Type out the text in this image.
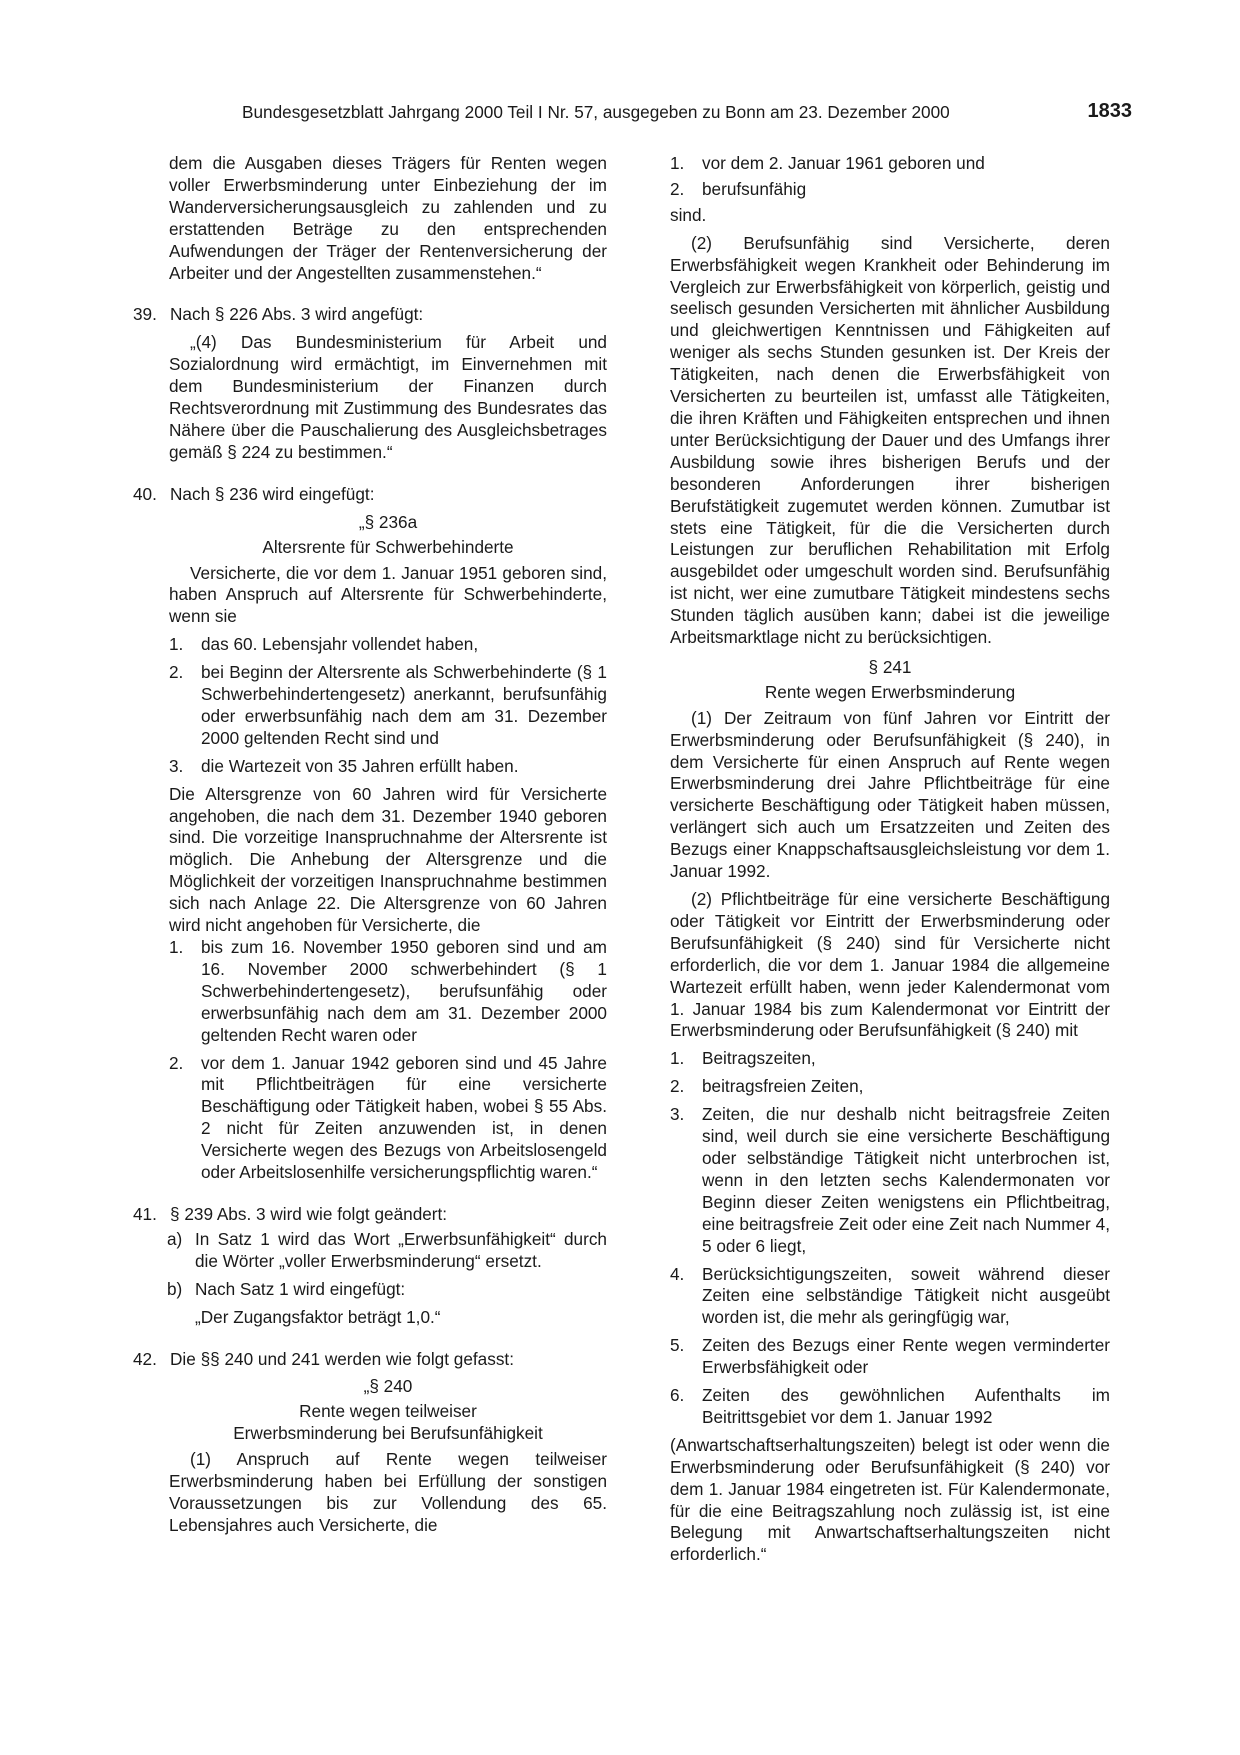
Bundesgesetzblatt Jahrgang 2000 Teil I Nr. 57, ausgegeben zu Bonn am 23. Dezember 2000	1833

dem die Ausgaben dieses Trägers für Renten wegen voller Erwerbsminderung unter Einbeziehung der im Wanderversicherungsausgleich zu zahlenden und zu erstattenden Beträge zu den entsprechenden Aufwendungen der Träger der Rentenversicherung der Arbeiter und der Angestellten zusammenstehen.“

39. Nach § 226 Abs. 3 wird angefügt:

„(4) Das Bundesministerium für Arbeit und Sozialordnung wird ermächtigt, im Einvernehmen mit dem Bundesministerium der Finanzen durch Rechtsverordnung mit Zustimmung des Bundesrates das Nähere über die Pauschalierung des Ausgleichsbetrages gemäß § 224 zu bestimmen.“

40. Nach § 236 wird eingefügt:

„§ 236a

Altersrente für Schwerbehinderte

Versicherte, die vor dem 1. Januar 1951 geboren sind, haben Anspruch auf Altersrente für Schwerbehinderte, wenn sie

1. das 60. Lebensjahr vollendet haben,

2. bei Beginn der Altersrente als Schwerbehinderte (§ 1 Schwerbehindertengesetz) anerkannt, berufsunfähig oder erwerbsunfähig nach dem am 31. Dezember 2000 geltenden Recht sind und

3. die Wartezeit von 35 Jahren erfüllt haben.

Die Altersgrenze von 60 Jahren wird für Versicherte angehoben, die nach dem 31. Dezember 1940 geboren sind. Die vorzeitige Inanspruchnahme der Altersrente ist möglich. Die Anhebung der Altersgrenze und die Möglichkeit der vorzeitigen Inanspruchnahme bestimmen sich nach Anlage 22. Die Altersgrenze von 60 Jahren wird nicht angehoben für Versicherte, die

1. bis zum 16. November 1950 geboren sind und am 16. November 2000 schwerbehindert (§ 1 Schwerbehindertengesetz), berufsunfähig oder erwerbsunfähig nach dem am 31. Dezember 2000 geltenden Recht waren oder

2. vor dem 1. Januar 1942 geboren sind und 45 Jahre mit Pflichtbeiträgen für eine versicherte Beschäftigung oder Tätigkeit haben, wobei § 55 Abs. 2 nicht für Zeiten anzuwenden ist, in denen Versicherte wegen des Bezugs von Arbeitslosengeld oder Arbeitslosenhilfe versicherungspflichtig waren.“

41. § 239 Abs. 3 wird wie folgt geändert:

a) In Satz 1 wird das Wort „Erwerbsunfähigkeit“ durch die Wörter „voller Erwerbsminderung“ ersetzt.

b) Nach Satz 1 wird eingefügt:

„Der Zugangsfaktor beträgt 1,0.“

42. Die §§ 240 und 241 werden wie folgt gefasst:

„§ 240

Rente wegen teilweiser

Erwerbsminderung bei Berufsunfähigkeit

(1) Anspruch auf Rente wegen teilweiser Erwerbsminderung haben bei Erfüllung der sonstigen Voraussetzungen bis zur Vollendung des 65. Lebensjahres auch Versicherte, die

1. vor dem 2. Januar 1961 geboren und

2. berufsunfähig

sind.

(2) Berufsunfähig sind Versicherte, deren Erwerbsfähigkeit wegen Krankheit oder Behinderung im Vergleich zur Erwerbsfähigkeit von körperlich, geistig und seelisch gesunden Versicherten mit ähnlicher Ausbildung und gleichwertigen Kenntnissen und Fähigkeiten auf weniger als sechs Stunden gesunken ist. Der Kreis der Tätigkeiten, nach denen die Erwerbsfähigkeit von Versicherten zu beurteilen ist, umfasst alle Tätigkeiten, die ihren Kräften und Fähigkeiten entsprechen und ihnen unter Berücksichtigung der Dauer und des Umfangs ihrer Ausbildung sowie ihres bisherigen Berufs und der besonderen Anforderungen ihrer bisherigen Berufstätigkeit zugemutet werden können. Zumutbar ist stets eine Tätigkeit, für die die Versicherten durch Leistungen zur beruflichen Rehabilitation mit Erfolg ausgebildet oder umgeschult worden sind. Berufsunfähig ist nicht, wer eine zumutbare Tätigkeit mindestens sechs Stunden täglich ausüben kann; dabei ist die jeweilige Arbeitsmarktlage nicht zu berücksichtigen.

§ 241

Rente wegen Erwerbsminderung

(1) Der Zeitraum von fünf Jahren vor Eintritt der Erwerbsminderung oder Berufsunfähigkeit (§ 240), in dem Versicherte für einen Anspruch auf Rente wegen Erwerbsminderung drei Jahre Pflichtbeiträge für eine versicherte Beschäftigung oder Tätigkeit haben müssen, verlängert sich auch um Ersatzzeiten und Zeiten des Bezugs einer Knappschaftsausgleichsleistung vor dem 1. Januar 1992.

(2) Pflichtbeiträge für eine versicherte Beschäftigung oder Tätigkeit vor Eintritt der Erwerbsminderung oder Berufsunfähigkeit (§ 240) sind für Versicherte nicht erforderlich, die vor dem 1. Januar 1984 die allgemeine Wartezeit erfüllt haben, wenn jeder Kalendermonat vom 1. Januar 1984 bis zum Kalendermonat vor Eintritt der Erwerbsminderung oder Berufsunfähigkeit (§ 240) mit

1. Beitragszeiten,

2. beitragsfreien Zeiten,

3. Zeiten, die nur deshalb nicht beitragsfreie Zeiten sind, weil durch sie eine versicherte Beschäftigung oder selbständige Tätigkeit nicht unterbrochen ist, wenn in den letzten sechs Kalendermonaten vor Beginn dieser Zeiten wenigstens ein Pflichtbeitrag, eine beitragsfreie Zeit oder eine Zeit nach Nummer 4, 5 oder 6 liegt,

4. Berücksichtigungszeiten, soweit während dieser Zeiten eine selbständige Tätigkeit nicht ausgeübt worden ist, die mehr als geringfügig war,

5. Zeiten des Bezugs einer Rente wegen verminderter Erwerbsfähigkeit oder

6. Zeiten des gewöhnlichen Aufenthalts im Beitrittsgebiet vor dem 1. Januar 1992

(Anwartschaftserhaltungszeiten) belegt ist oder wenn die Erwerbsminderung oder Berufsunfähigkeit (§ 240) vor dem 1. Januar 1984 eingetreten ist. Für Kalendermonate, für die eine Beitragszahlung noch zulässig ist, ist eine Belegung mit Anwartschaftserhaltungszeiten nicht erforderlich.“
